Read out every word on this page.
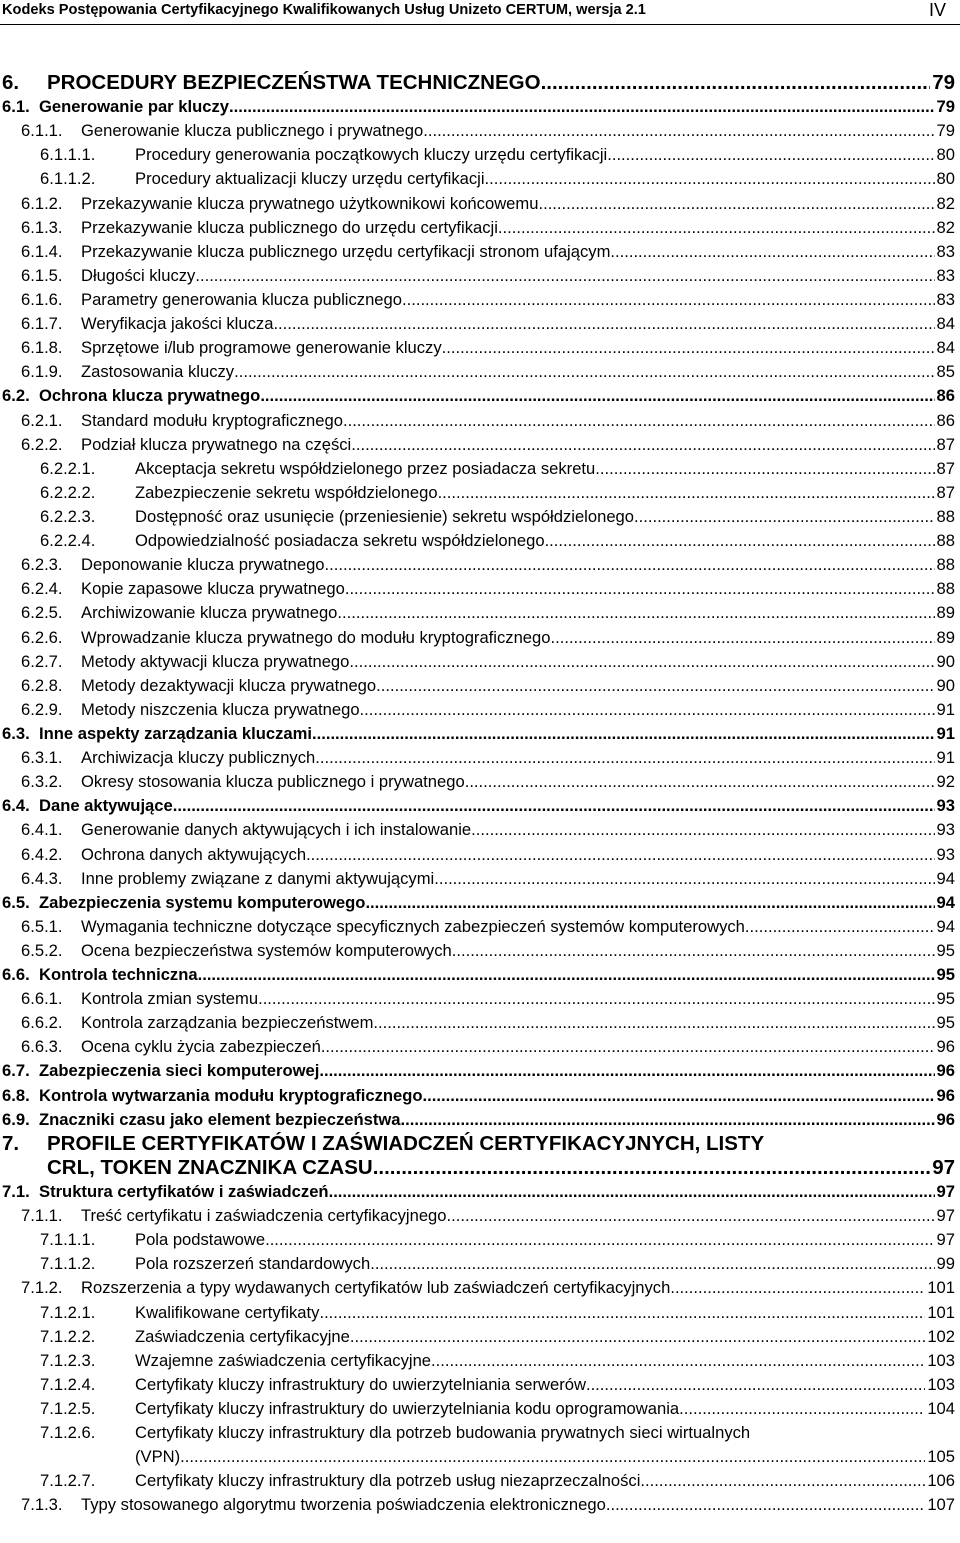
Kodeks Postępowania Certyfikacyjnego Kwalifikowanych Usług Unizeto CERTUM, wersja 2.1	IV
6.	PROCEDURY BEZPIECZEŃSTWA TECHNICZNEGO .....	79
6.1. Generowanie par kluczy .....	79
6.1.1.	Generowanie klucza publicznego i prywatnego .....	79
6.1.1.1.	Procedury generowania początkowych kluczy urzędu certyfikacji .....	80
6.1.1.2.	Procedury aktualizacji kluczy urzędu certyfikacji .....	80
6.1.2.	Przekazywanie klucza prywatnego użytkownikowi końcowemu .....	82
6.1.3.	Przekazywanie klucza publicznego do urzędu certyfikacji .....	82
6.1.4.	Przekazywanie klucza publicznego urzędu certyfikacji stronom ufającym .....	83
6.1.5.	Długości kluczy .....	83
6.1.6.	Parametry generowania klucza publicznego .....	83
6.1.7.	Weryfikacja jakości klucza .....	84
6.1.8.	Sprzętowe i/lub programowe generowanie kluczy .....	84
6.1.9.	Zastosowania kluczy .....	85
6.2. Ochrona klucza prywatnego .....	86
6.2.1.	Standard modułu kryptograficznego .....	86
6.2.2.	Podział klucza prywatnego na części .....	87
6.2.2.1.	Akceptacja sekretu współdzielonego przez posiadacza sekretu .....	87
6.2.2.2.	Zabezpieczenie sekretu współdzielonego .....	87
6.2.2.3.	Dostępność oraz usunięcie (przeniesienie) sekretu współdzielonego .....	88
6.2.2.4.	Odpowiedzialność posiadacza sekretu współdzielonego .....	88
6.2.3.	Deponowanie klucza prywatnego .....	88
6.2.4.	Kopie zapasowe klucza prywatnego .....	88
6.2.5.	Archiwizowanie klucza prywatnego .....	89
6.2.6.	Wprowadzanie klucza prywatnego do modułu kryptograficznego .....	89
6.2.7.	Metody aktywacji klucza prywatnego .....	90
6.2.8.	Metody dezaktywacji klucza prywatnego .....	90
6.2.9.	Metody niszczenia klucza prywatnego .....	91
6.3. Inne aspekty zarządzania kluczami .....	91
6.3.1.	Archiwizacja kluczy publicznych .....	91
6.3.2.	Okresy stosowania klucza publicznego i prywatnego .....	92
6.4. Dane aktywujące .....	93
6.4.1.	Generowanie danych aktywujących i ich instalowanie .....	93
6.4.2.	Ochrona danych aktywujących .....	93
6.4.3.	Inne problemy związane z danymi aktywującymi .....	94
6.5. Zabezpieczenia systemu komputerowego .....	94
6.5.1.	Wymagania techniczne dotyczące specyficznych zabezpieczeń systemów komputerowych .....	94
6.5.2.	Ocena bezpieczeństwa systemów komputerowych .....	95
6.6. Kontrola techniczna .....	95
6.6.1.	Kontrola zmian systemu .....	95
6.6.2.	Kontrola zarządzania bezpieczeństwem .....	95
6.6.3.	Ocena cyklu życia zabezpieczeń .....	96
6.7. Zabezpieczenia sieci komputerowej .....	96
6.8. Kontrola wytwarzania modułu kryptograficznego .....	96
6.9. Znaczniki czasu jako element bezpieczeństwa .....	96
7.	PROFILE CERTYFIKATÓW I ZAŚWIADCZEŃ CERTYFIKACYJNYCH, LISTY
CRL, TOKEN ZNACZNIKA CZASU .....	97
7.1. Struktura certyfikatów i zaświadczeń .....	97
7.1.1.	Treść certyfikatu i zaświadczenia certyfikacyjnego .....	97
7.1.1.1.	Pola podstawowe .....	97
7.1.1.2.	Pola rozszerzeń standardowych .....	99
7.1.2.	Rozszerzenia a typy wydawanych certyfikatów lub zaświadczeń certyfikacyjnych .....	101
7.1.2.1.	Kwalifikowane certyfikaty .....	101
7.1.2.2.	Zaświadczenia certyfikacyjne .....	102
7.1.2.3.	Wzajemne zaświadczenia certyfikacyjne .....	103
7.1.2.4.	Certyfikaty kluczy infrastruktury do uwierzytelniania serwerów .....	103
7.1.2.5.	Certyfikaty kluczy infrastruktury do uwierzytelniania kodu oprogramowania .....	104
7.1.2.6.	Certyfikaty kluczy infrastruktury dla potrzeb budowania prywatnych sieci wirtualnych
(VPN) .....	105
7.1.2.7.	Certyfikaty kluczy infrastruktury dla potrzeb usług niezaprzeczalności .....	106
7.1.3.	Typy stosowanego algorytmu tworzenia poświadczenia elektronicznego .....	107
